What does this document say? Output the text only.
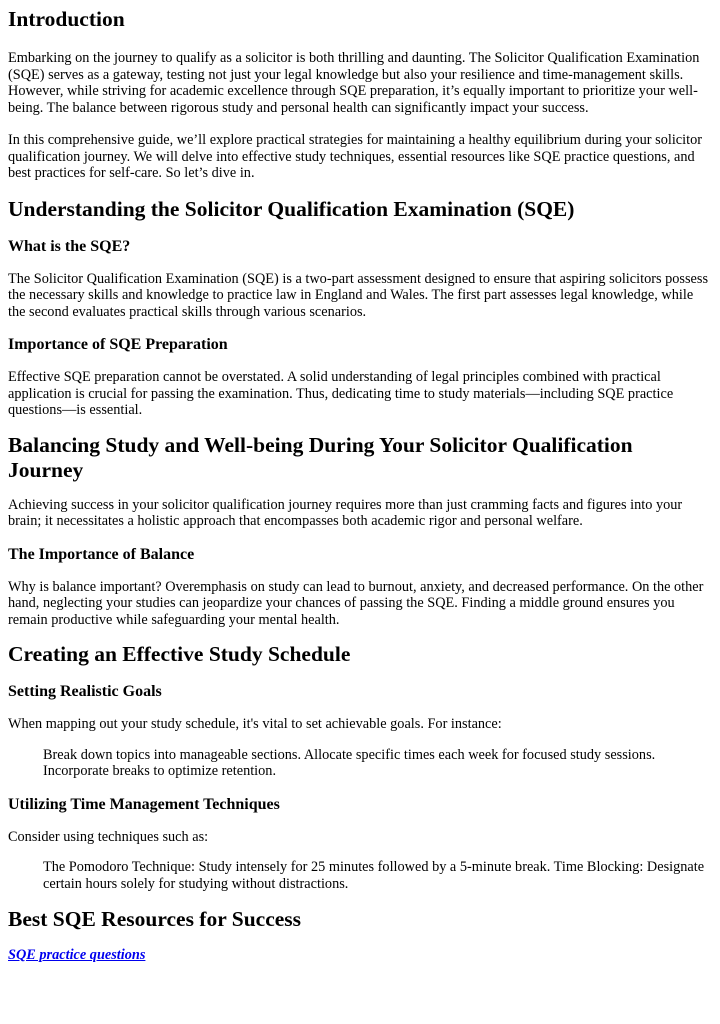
Introduction

Embarking on the journey to qualify as a solicitor is both thrilling and daunting. The Solicitor Qualification Examination (SQE) serves as a gateway, testing not just your legal knowledge but also your resilience and time-management skills. However, while striving for academic excellence through SQE preparation, it’s equally important to prioritize your well-being. The balance between rigorous study and personal health can significantly impact your success.

In this comprehensive guide, we’ll explore practical strategies for maintaining a healthy equilibrium during your solicitor qualification journey. We will delve into effective study techniques, essential resources like SQE practice questions, and best practices for self-care. So let’s dive in.

Understanding the Solicitor Qualification Examination (SQE)
What is the SQE?

The Solicitor Qualification Examination (SQE) is a two-part assessment designed to ensure that aspiring solicitors possess the necessary skills and knowledge to practice law in England and Wales. The first part assesses legal knowledge, while the second evaluates practical skills through various scenarios.

Importance of SQE Preparation

Effective SQE preparation cannot be overstated. A solid understanding of legal principles combined with practical application is crucial for passing the examination. Thus, dedicating time to study materials—including SQE practice questions—is essential.

Balancing Study and Well-being During Your Solicitor Qualification Journey

Achieving success in your solicitor qualification journey requires more than just cramming facts and figures into your brain; it necessitates a holistic approach that encompasses both academic rigor and personal welfare.

The Importance of Balance

Why is balance important? Overemphasis on study can lead to burnout, anxiety, and decreased performance. On the other hand, neglecting your studies can jeopardize your chances of passing the SQE. Finding a middle ground ensures you remain productive while safeguarding your mental health.

Creating an Effective Study Schedule
Setting Realistic Goals

When mapping out your study schedule, it's vital to set achievable goals. For instance:

Break down topics into manageable sections. Allocate specific times each week for focused study sessions. Incorporate breaks to optimize retention.

Utilizing Time Management Techniques

Consider using techniques such as:

The Pomodoro Technique: Study intensely for 25 minutes followed by a 5-minute break. Time Blocking: Designate certain hours solely for studying without distractions.

Best SQE Resources for Success

SQE practice questions
